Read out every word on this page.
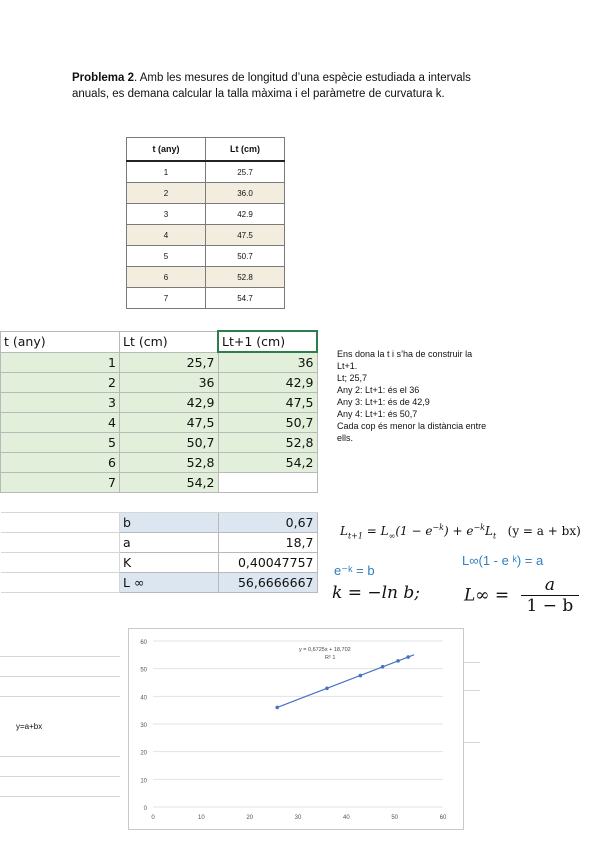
Problema 2. Amb les mesures de longitud d’una espècie estudiada a intervals anuals, es demana calcular la talla màxima i el paràmetre de curvatura k.
t (any)	Lt (cm)
1	25.7
2	36.0
3	42.9
4	47.5
5	50.7
6	52.8
7	54.7
t (any)	Lt (cm)	Lt+1 (cm)
1	25,7	36
2	36	42,9
3	42,9	47,5
4	47,5	50,7
5	50,7	52,8
6	52,8	54,2
7	54,2	

	b	0,67
	a	18,7
	K	0,40047757
	L ∞	56,6666667
Ens dona la t i s’ha de construir la
Lt+1.
Lt; 25,7
Any 2: Lt+1: és el 36
Any 3: Lt+1: és de 42,9
Any 4: Lt+1: és 50,7
Cada cop és menor la distància entre
ells.
$L_{t+1} = L_\infty(1 - e^{-k}) + e^{-k}L_t$ (y = a + bx)
e⁻ᵏ = b
L∞(1 - e ᵏ) = a
k = −ln b;	$L\infty = \frac{a}{1 - b}$
y=a+bx
0
0
10
10
20
20
30
30
40
40
50
50
60
60
y = 0,6725x + 18,702
R² 1
